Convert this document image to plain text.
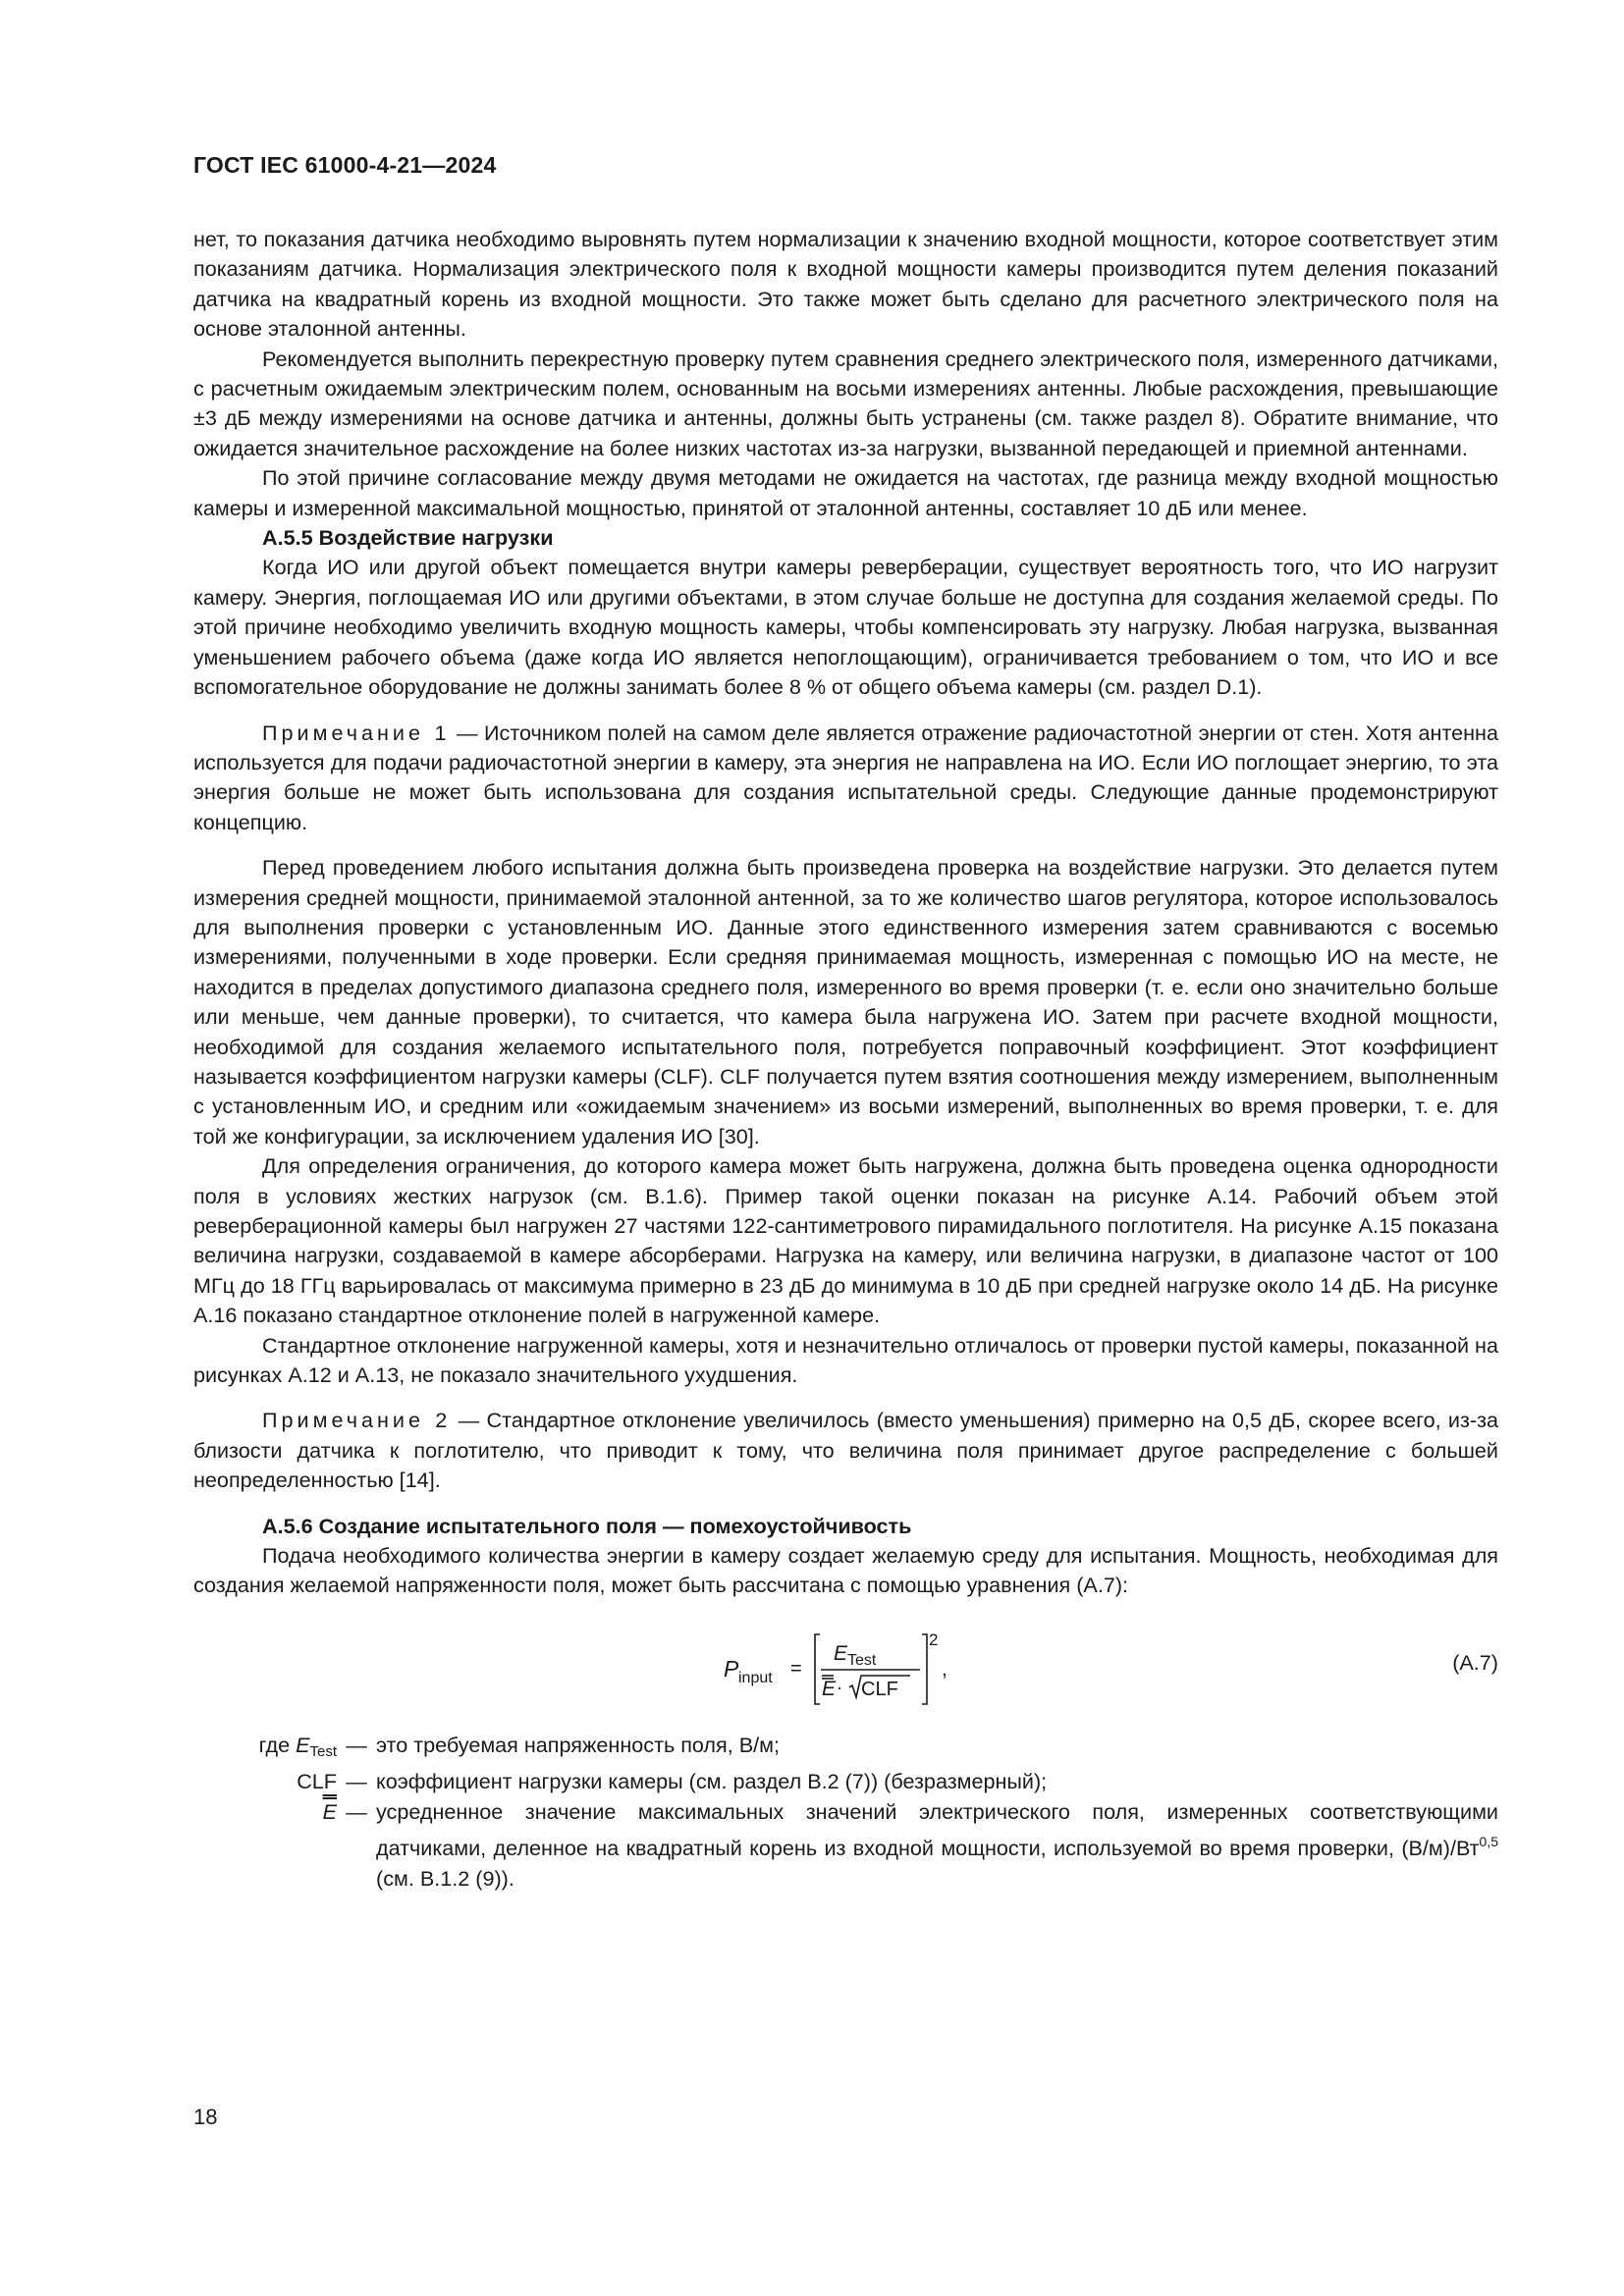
ГОСТ IEC 61000-4-21—2024

нет, то показания датчика необходимо выровнять путем нормализации к значению входной мощности, которое соответствует этим показаниям датчика. Нормализация электрического поля к входной мощности камеры производится путем деления показаний датчика на квадратный корень из входной мощности. Это также может быть сделано для расчетного электрического поля на основе эталонной антенны.

Рекомендуется выполнить перекрестную проверку путем сравнения среднего электрического поля, измеренного датчиками, с расчетным ожидаемым электрическим полем, основанным на восьми измерениях антенны. Любые расхождения, превышающие ±3 дБ между измерениями на основе датчика и антенны, должны быть устранены (см. также раздел 8). Обратите внимание, что ожидается значительное расхождение на более низких частотах из-за нагрузки, вызванной передающей и приемной антеннами.

По этой причине согласование между двумя методами не ожидается на частотах, где разница между входной мощностью камеры и измеренной максимальной мощностью, принятой от эталонной антенны, составляет 10 дБ или менее.

А.5.5 Воздействие нагрузки

Когда ИО или другой объект помещается внутри камеры реверберации, существует вероятность того, что ИО нагрузит камеру. Энергия, поглощаемая ИО или другими объектами, в этом случае больше не доступна для создания желаемой среды. По этой причине необходимо увеличить входную мощность камеры, чтобы компенсировать эту нагрузку. Любая нагрузка, вызванная уменьшением рабочего объема (даже когда ИО является непоглощающим), ограничивается требованием о том, что ИО и все вспомогательное оборудование не должны занимать более 8 % от общего объема камеры (см. раздел D.1).

Примечание 1 — Источником полей на самом деле является отражение радиочастотной энергии от стен. Хотя антенна используется для подачи радиочастотной энергии в камеру, эта энергия не направлена на ИО. Если ИО поглощает энергию, то эта энергия больше не может быть использована для создания испытательной среды. Следующие данные продемонстрируют концепцию.

Перед проведением любого испытания должна быть произведена проверка на воздействие нагрузки. Это делается путем измерения средней мощности, принимаемой эталонной антенной, за то же количество шагов регулятора, которое использовалось для выполнения проверки с установленным ИО. Данные этого единственного измерения затем сравниваются с восемью измерениями, полученными в ходе проверки. Если средняя принимаемая мощность, измеренная с помощью ИО на месте, не находится в пределах допустимого диапазона среднего поля, измеренного во время проверки (т. е. если оно значительно больше или меньше, чем данные проверки), то считается, что камера была нагружена ИО. Затем при расчете входной мощности, необходимой для создания желаемого испытательного поля, потребуется поправочный коэффициент. Этот коэффициент называется коэффициентом нагрузки камеры (CLF). CLF получается путем взятия соотношения между измерением, выполненным с установленным ИО, и средним или «ожидаемым значением» из восьми измерений, выполненных во время проверки, т. е. для той же конфигурации, за исключением удаления ИО [30].

Для определения ограничения, до которого камера может быть нагружена, должна быть проведена оценка однородности поля в условиях жестких нагрузок (см. В.1.6). Пример такой оценки показан на рисунке А.14. Рабочий объем этой реверберационной камеры был нагружен 27 частями 122-сантиметрового пирамидального поглотителя. На рисунке А.15 показана величина нагрузки, создаваемой в камере абсорберами. Нагрузка на камеру, или величина нагрузки, в диапазоне частот от 100 МГц до 18 ГГц варьировалась от максимума примерно в 23 дБ до минимума в 10 дБ при средней нагрузке около 14 дБ. На рисунке А.16 показано стандартное отклонение полей в нагруженной камере.

Стандартное отклонение нагруженной камеры, хотя и незначительно отличалось от проверки пустой камеры, показанной на рисунках А.12 и А.13, не показало значительного ухудшения.

Примечание 2 — Стандартное отклонение увеличилось (вместо уменьшения) примерно на 0,5 дБ, скорее всего, из-за близости датчика к поглотителю, что приводит к тому, что величина поля принимает другое распределение с большей неопределенностью [14].

А.5.6 Создание испытательного поля — помехоустойчивость

Подача необходимого количества энергии в камеру создает желаемую среду для испытания. Мощность, необходимая для создания желаемой напряженности поля, может быть рассчитана с помощью уравнения (А.7):

P input =
E Test
E · CLF
2
,	(А.7)
где $E_{Test}$ — это требуемая напряженность поля, В/м;
CLF — коэффициент нагрузки камеры (см. раздел В.2 (7)) (безразмерный);
E — усредненное значение максимальных значений электрического поля, измеренных соответствующими датчиками, деленное на квадратный корень из входной мощности, используемой во время проверки, (В/м)/Вт$^{0,5}$ (см. В.1.2 (9)).
18
